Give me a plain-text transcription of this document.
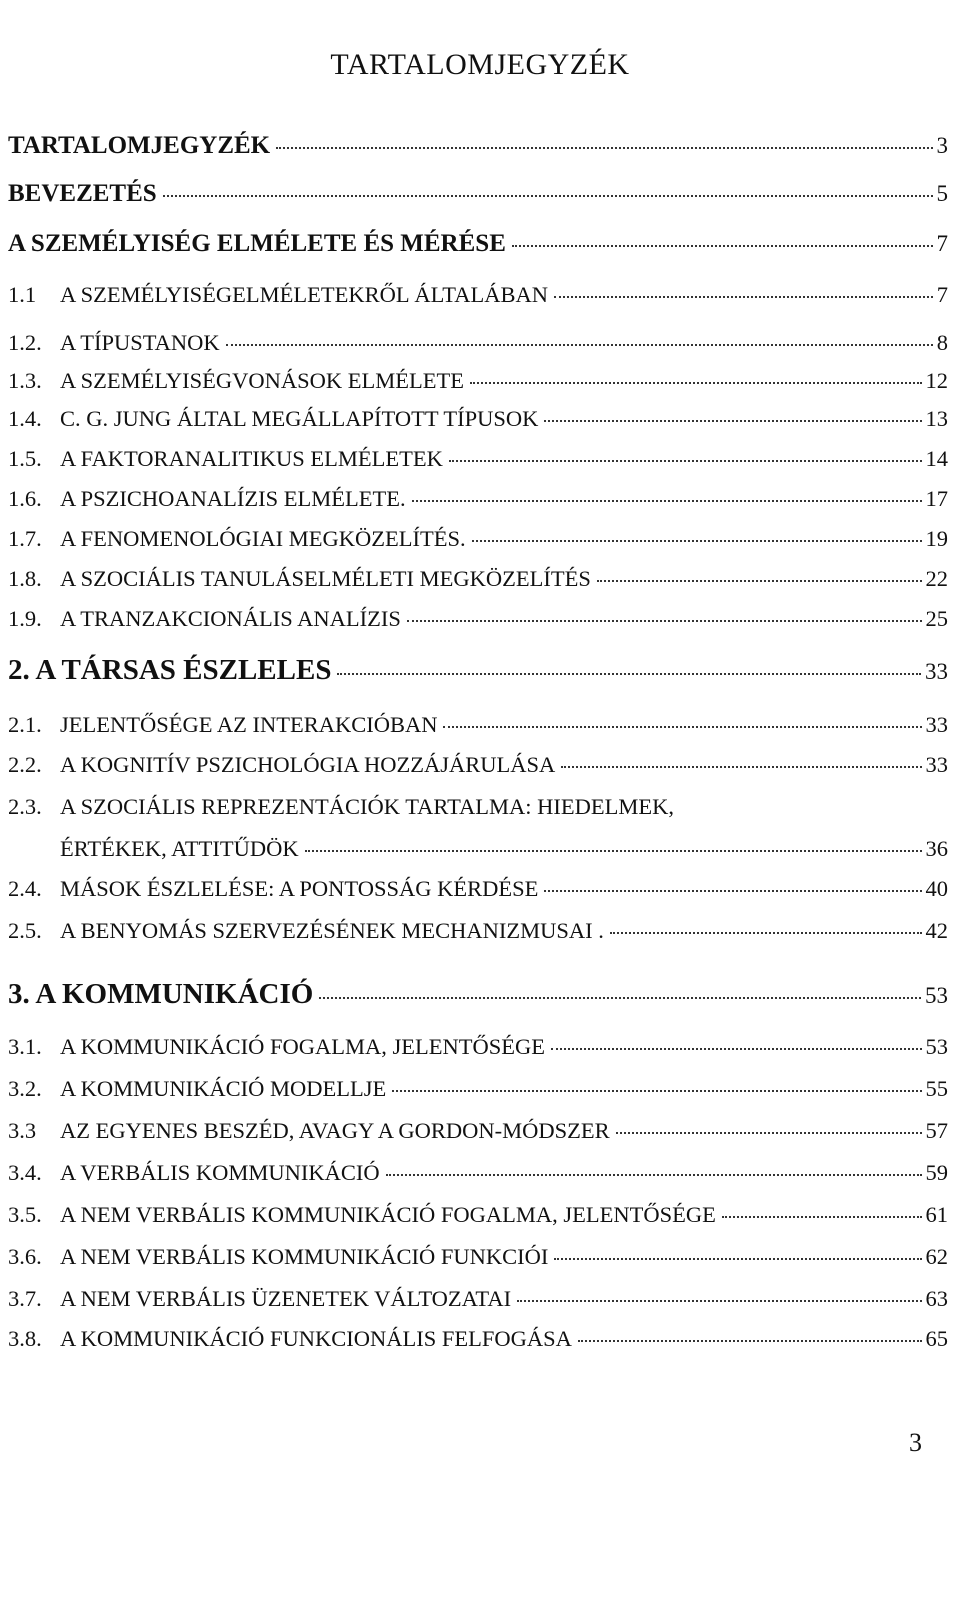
TARTALOMJEGYZÉK
TARTALOMJEGYZÉK	3
BEVEZETÉS	5
A SZEMÉLYISÉG ELMÉLETE ÉS MÉRÉSE	7
1.1	A SZEMÉLYISÉGELMÉLETEKRŐL ÁLTALÁBAN	7
1.2. A TÍPUSTANOK	8
1.3. A SZEMÉLYISÉGVONÁSOK ELMÉLETE	12
1.4. C. G. JUNG ÁLTAL MEGÁLLAPÍTOTT TÍPUSOK	13
1.5. A FAKTORANALITIKUS ELMÉLETEK	14
1.6. A PSZICHOANALÍZIS ELMÉLETE.	17
1.7. A FENOMENOLÓGIAI MEGKÖZELÍTÉS.	19
1.8. A SZOCIÁLIS TANULÁSELMÉLETI MEGKÖZELÍTÉS	22
1.9. A TRANZAKCIONÁLIS ANALÍZIS	25
2. A TÁRSAS ÉSZLELES	33
2.1. JELENTŐSÉGE AZ INTERAKCIÓBAN	33
2.2. A KOGNITÍV PSZICHOLÓGIA HOZZÁJÁRULÁSA	33
2.3. A SZOCIÁLIS REPREZENTÁCIÓK TARTALMA: HIEDELMEK,
ÉRTÉKEK, ATTITŰDÖK	36
2.4. MÁSOK ÉSZLELÉSE: A PONTOSSÁG KÉRDÉSE	40
2.5. A BENYOMÁS SZERVEZÉSÉNEK MECHANIZMUSAI .	42
3. A KOMMUNIKÁCIÓ	53
3.1. A KOMMUNIKÁCIÓ FOGALMA, JELENTŐSÉGE	53
3.2. A KOMMUNIKÁCIÓ MODELLJE	55
3.3	AZ EGYENES BESZÉD, AVAGY A GORDON-MÓDSZER	57
3.4. A VERBÁLIS KOMMUNIKÁCIÓ	59
3.5. A NEM VERBÁLIS KOMMUNIKÁCIÓ FOGALMA, JELENTŐSÉGE	61
3.6. A NEM VERBÁLIS KOMMUNIKÁCIÓ FUNKCIÓI	62
3.7. A NEM VERBÁLIS ÜZENETEK VÁLTOZATAI	63
3.8. A KOMMUNIKÁCIÓ FUNKCIONÁLIS FELFOGÁSA	65
3
